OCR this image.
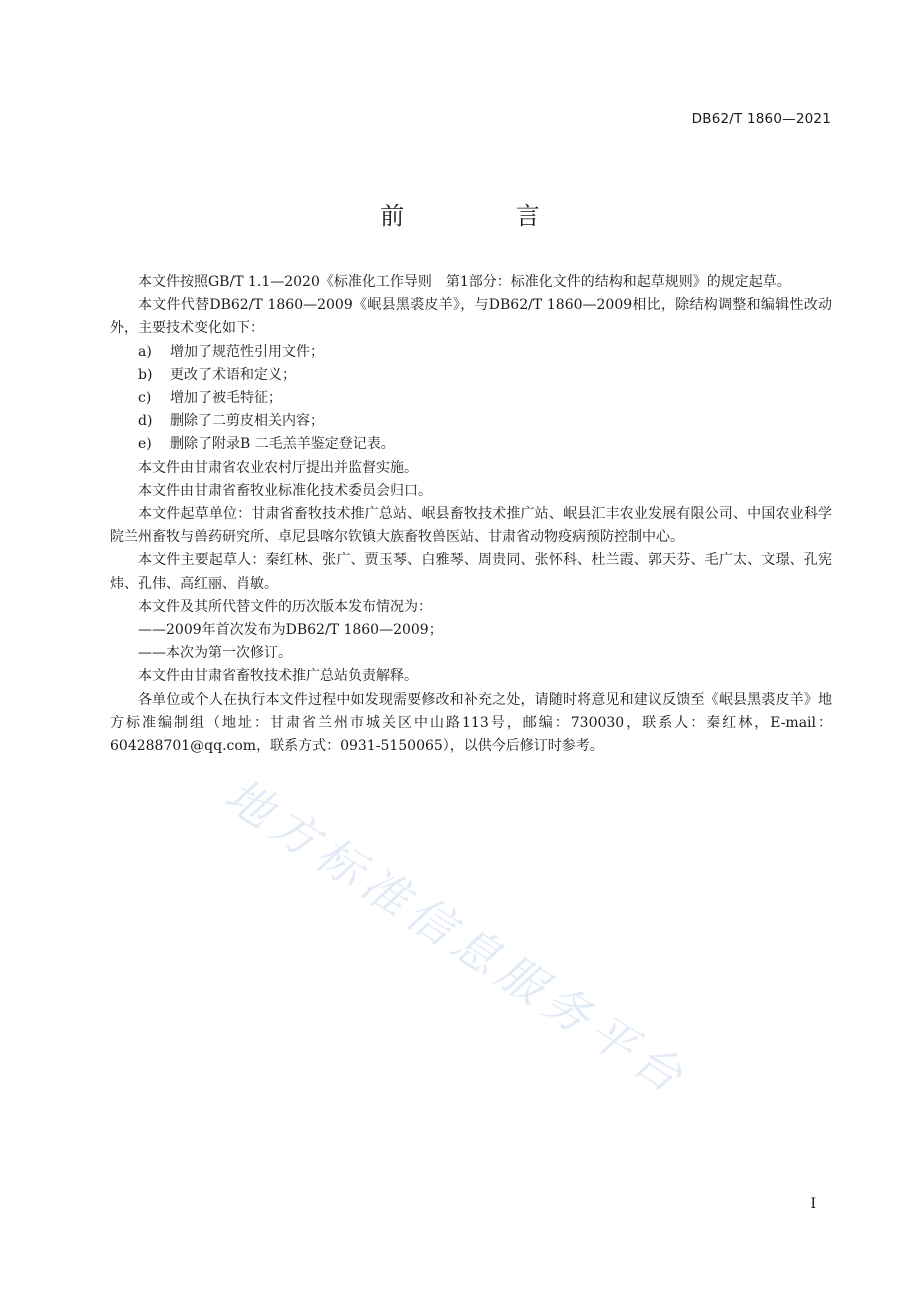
DB62/T 1860—2021
前 言

本文件按照GB/T 1.1—2020《标准化工作导则　第1部分：标准化文件的结构和起草规则》的规定起草。

本文件代替DB62/T 1860—2009《岷县黑裘皮羊》，与DB62/T 1860—2009相比，除结构调整和编辑性改动外，主要技术变化如下：

a) 增加了规范性引用文件；

b) 更改了术语和定义；

c) 增加了被毛特征；

d) 删除了二剪皮相关内容；

e) 删除了附录B 二毛羔羊鉴定登记表。

本文件由甘肃省农业农村厅提出并监督实施。

本文件由甘肃省畜牧业标准化技术委员会归口。

本文件起草单位：甘肃省畜牧技术推广总站、岷县畜牧技术推广站、岷县汇丰农业发展有限公司、中国农业科学院兰州畜牧与兽药研究所、卓尼县喀尔钦镇大族畜牧兽医站、甘肃省动物疫病预防控制中心。

本文件主要起草人：秦红林、张广、贾玉琴、白雅琴、周贵同、张怀科、杜兰霞、郭天芬、毛广太、文璟、孔宪炜、孔伟、高红丽、肖敏。

本文件及其所代替文件的历次版本发布情况为：

——2009年首次发布为DB62/T 1860—2009；

——本次为第一次修订。

本文件由甘肃省畜牧技术推广总站负责解释。

各单位或个人在执行本文件过程中如发现需要修改和补充之处，请随时将意见和建议反馈至《岷县黑裘皮羊》地方标准编制组（地址：甘肃省兰州市城关区中山路113号，邮编：730030，联系人：秦红林，E-mail：604288701@qq.com，联系方式：0931-5150065），以供今后修订时参考。

地方标准信息服务平台
I
